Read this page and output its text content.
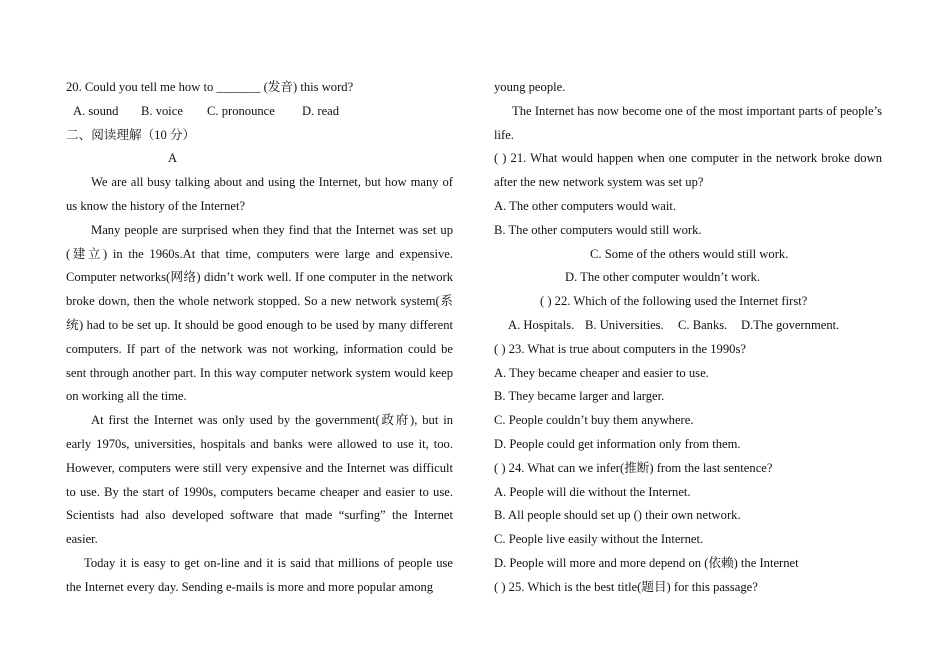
20. Could you tell me how to _______ (发音) this word?

A. sound B. voice C. pronounce D. read

二、阅读理解（10 分）

A

We are all busy talking about and using the Internet, but how many of us know the history of the Internet?

Many people are surprised when they find that the Internet was set up (建立) in the 1960s.At that time, computers were large and expensive. Computer networks(网络) didn’t work well. If one computer in the network broke down, then the whole network stopped. So a new network system(系统) had to be set up. It should be good enough to be used by many different computers. If part of the network was not working, information could be sent through another part. In this way computer network system would keep on working all the time.

At first the Internet was only used by the government(政府), but in early 1970s, universities, hospitals and banks were allowed to use it, too. However, computers were still very expensive and the Internet was difficult to use. By the start of 1990s, computers became cheaper and easier to use. Scientists had also developed software that made “surfing” the Internet easier.

Today it is easy to get on-line and it is said that millions of people use the Internet every day. Sending e-mails is more and more popular among

young people.

The Internet has now become one of the most important parts of people’s life.

( ) 21. What would happen when one computer in the network broke down after the new network system was set up?

A. The other computers would wait.

B. The other computers would still work.

C. Some of the others would still work.

D. The other computer wouldn’t work.

( ) 22. Which of the following used the Internet first?

A. Hospitals. B. Universities. C. Banks. D.The government.

( ) 23. What is true about computers in the 1990s?

A. They became cheaper and easier to use.

B. They became larger and larger.

C. People couldn’t buy them anywhere.

D. People could get information only from them.

( ) 24. What can we infer(推断) from the last sentence?

A. People will die without the Internet.

B. All people should set up () their own network.

C. People live easily without the Internet.

D. People will more and more depend on (依赖) the Internet

( ) 25. Which is the best title(题目) for this passage?
